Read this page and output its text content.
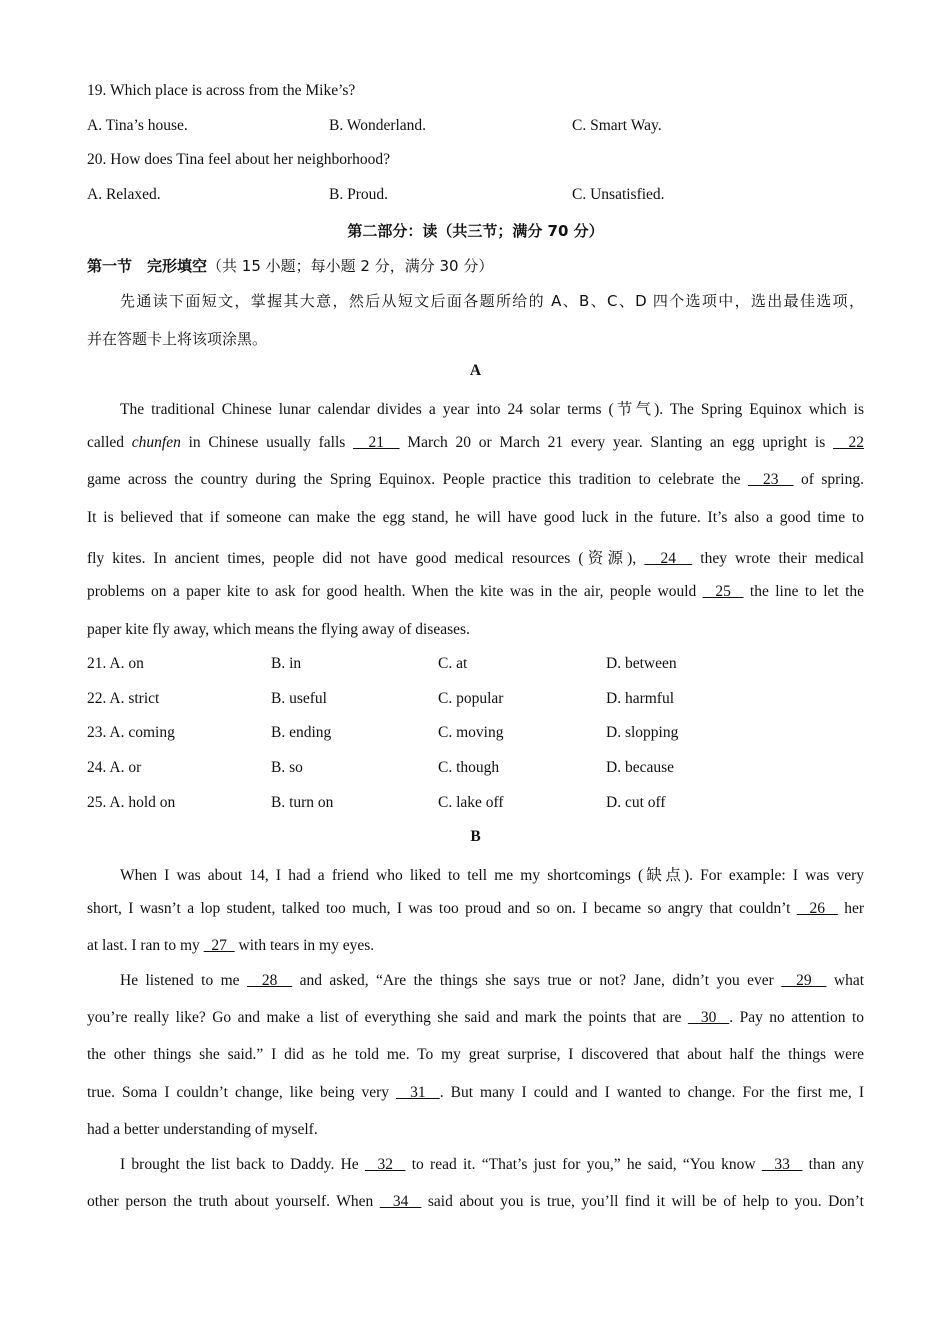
19. Which place is across from the Mike’s?
A. Tina’s house.	B. Wonderland.	C. Smart Way.
20. How does Tina feel about her neighborhood?
A. Relaxed.	B. Proud.	C. Unsatisfied.
第二部分：读（共三节；满分 70 分）
第一节　完形填空（共 15 小题；每小题 2 分，满分 30 分）
先通读下面短文，掌握其大意，然后从短文后面各题所给的 A、B、C、D 四个选项中，选出最佳选项，
并在答题卡上将该项涂黑。
A
The traditional Chinese lunar calendar divides a year into 24 solar terms (节气). The Spring Equinox which is
called chunfen in Chinese usually falls   21   March 20 or March 21 every year. Slanting an egg upright is   22
game across the country during the Spring Equinox. People practice this tradition to celebrate the   23   of spring.
It is believed that if someone can make the egg stand, he will have good luck in the future. It’s also a good time to
fly kites. In ancient times, people did not have good medical resources (资源),   24   they wrote their medical
problems on a paper kite to ask for good health. When the kite was in the air, people would   25   the line to let the
paper kite fly away, which means the flying away of diseases.
21. A. on	B. in	C. at	D. between
22. A. strict	B. useful	C. popular	D. harmful
23. A. coming	B. ending	C. moving	D. slopping
24. A. or	B. so	C. though	D. because
25. A. hold on	B. turn on	C. lake off	D. cut off
B
When I was about 14, I had a friend who liked to tell me my shortcomings (缺点). For example: I was very
short, I wasn’t a lop student, talked too much, I was too proud and so on. I became so angry that couldn’t   26   her
at last. I ran to my   27   with tears in my eyes.
He listened to me   28   and asked, “Are the things she says true or not? Jane, didn’t you ever   29   what
you’re really like? Go and make a list of everything she said and mark the points that are   30  . Pay no attention to
the other things she said.” I did as he told me. To my great surprise, I discovered that about half the things were
true. Soma I couldn’t change, like being very   31  . But many I could and I wanted to change. For the first me, I
had a better understanding of myself.
I brought the list back to Daddy. He   32   to read it. “That’s just for you,” he said, “You know   33   than any
other person the truth about yourself. When   34   said about you is true, you’ll find it will be of help to you. Don’t
